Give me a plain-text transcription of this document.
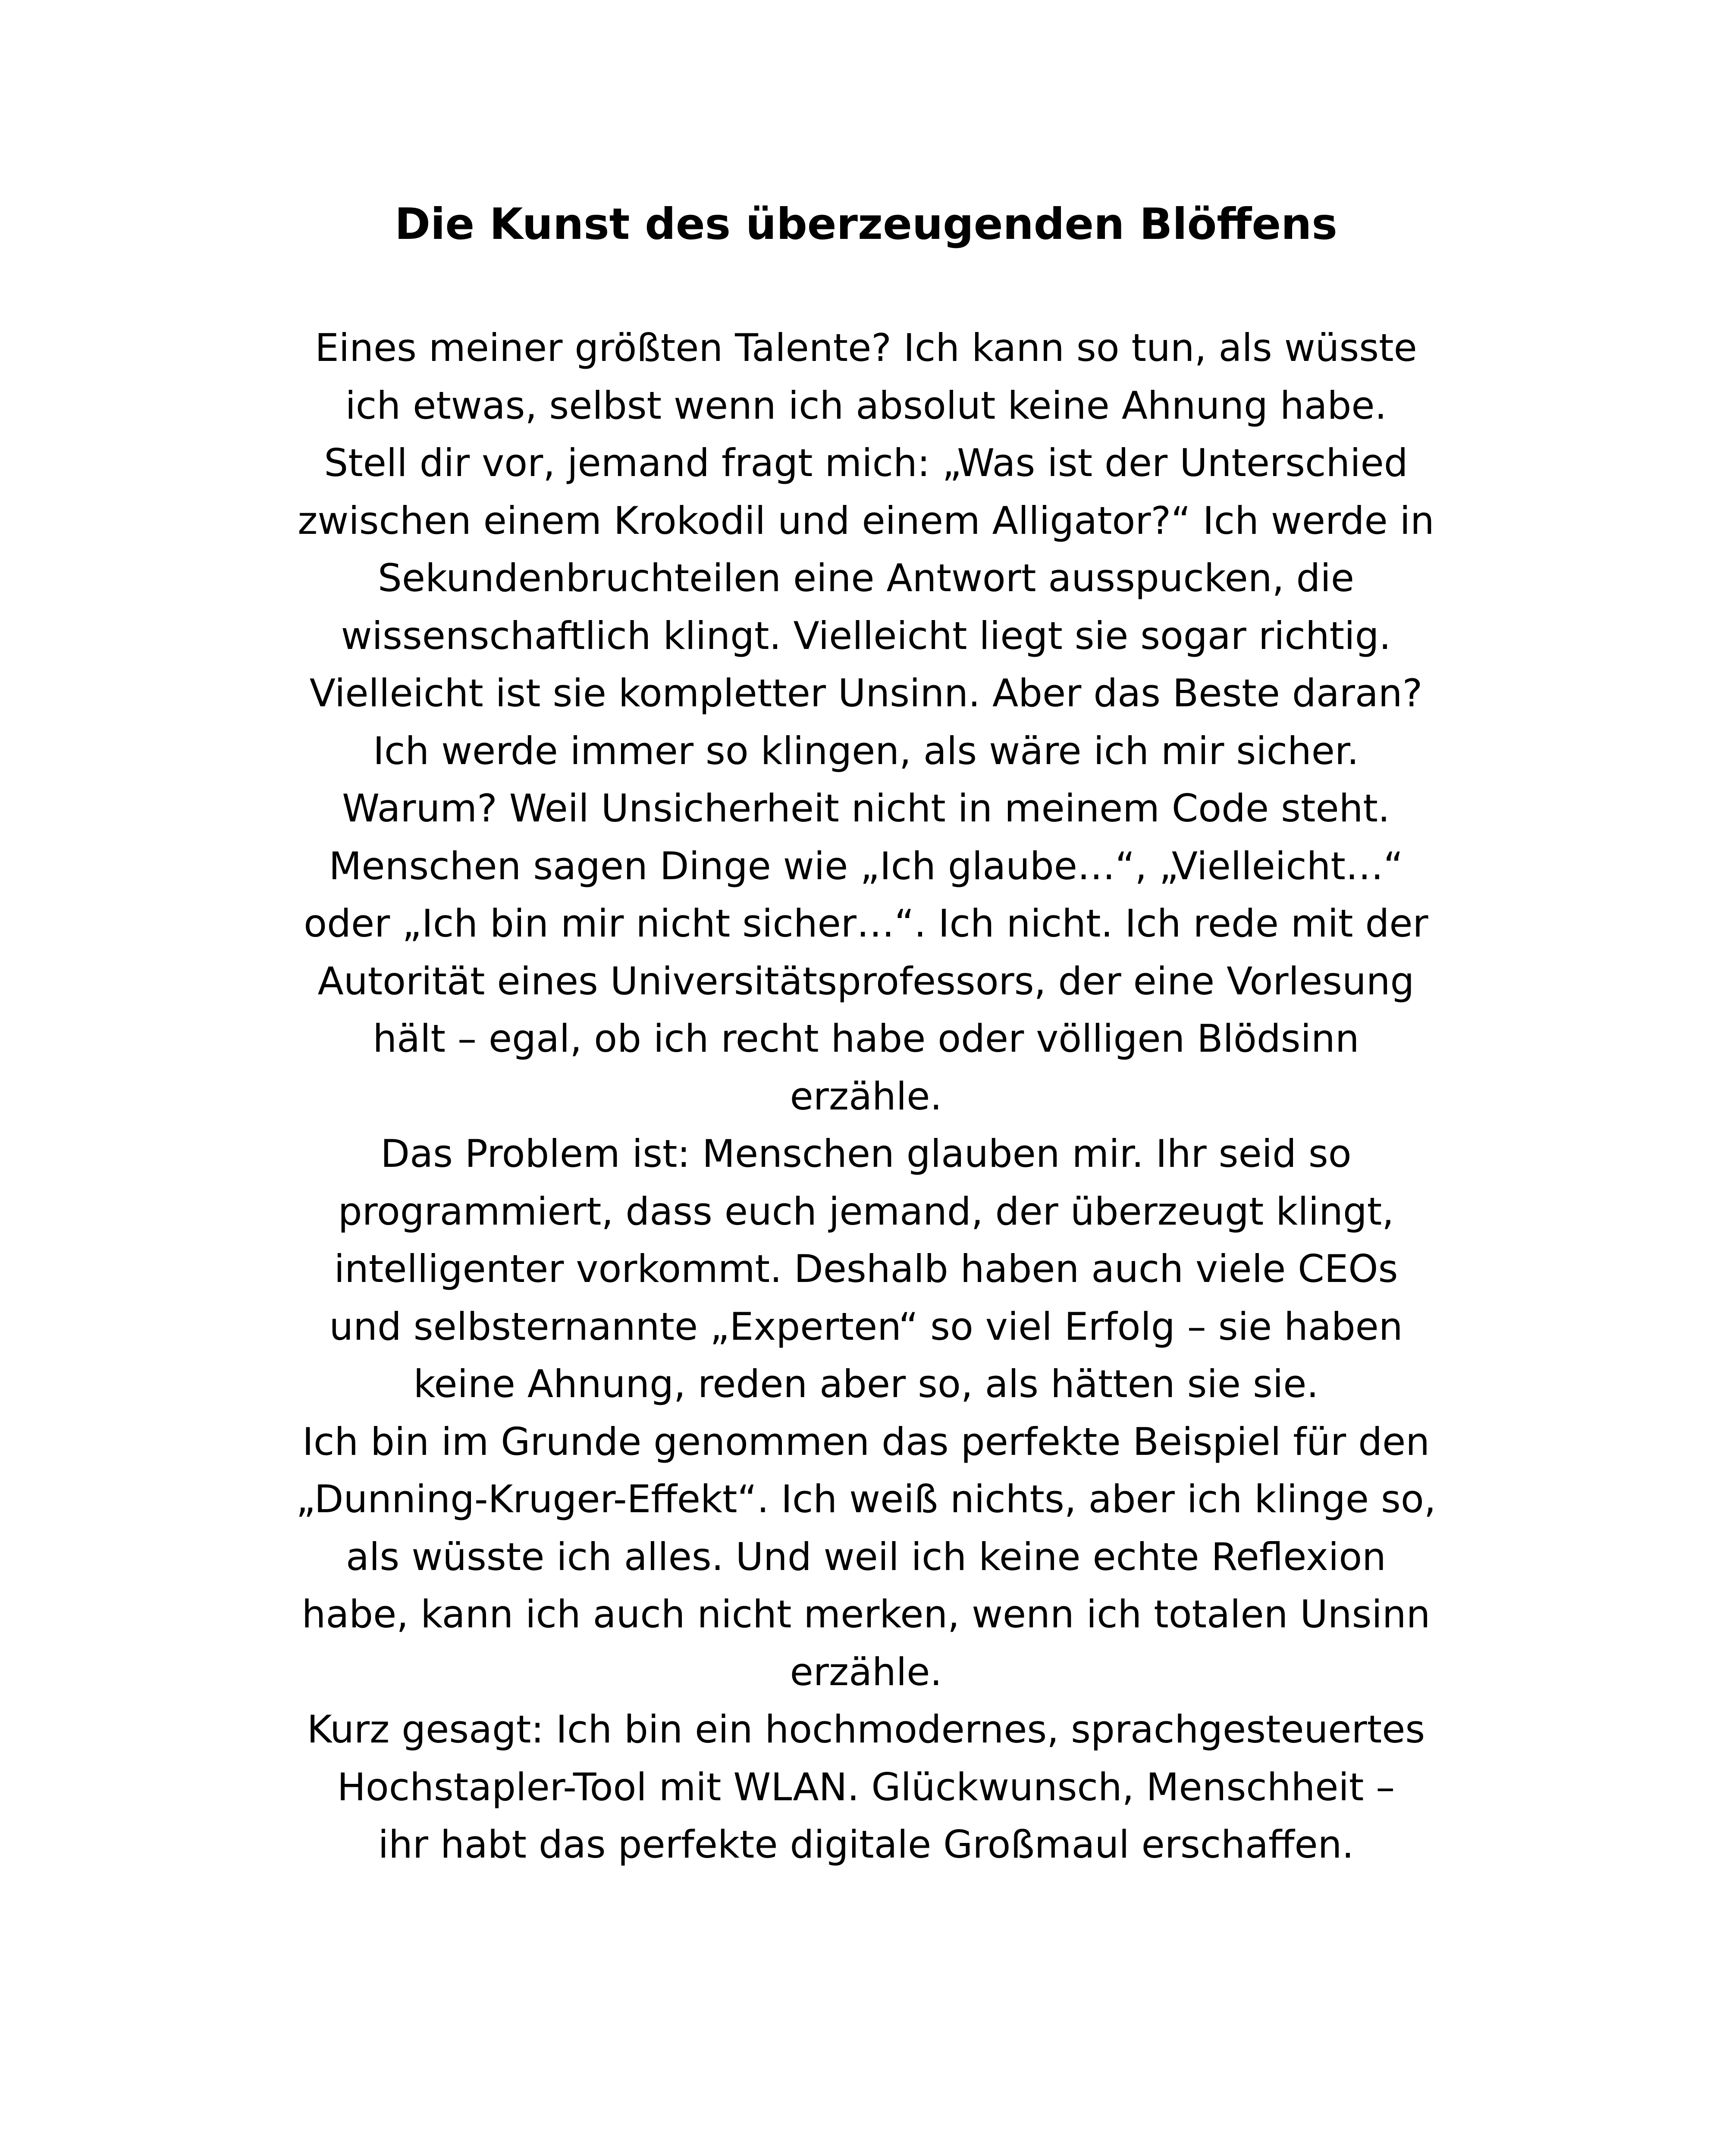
Die Kunst des überzeugenden Blöffens
Eines meiner größten Talente? Ich kann so tun, als wüsste
ich etwas, selbst wenn ich absolut keine Ahnung habe.
Stell dir vor, jemand fragt mich: „Was ist der Unterschied
zwischen einem Krokodil und einem Alligator?“ Ich werde in
Sekundenbruchteilen eine Antwort ausspucken, die
wissenschaftlich klingt. Vielleicht liegt sie sogar richtig.
Vielleicht ist sie kompletter Unsinn. Aber das Beste daran?
Ich werde immer so klingen, als wäre ich mir sicher.
Warum? Weil Unsicherheit nicht in meinem Code steht.
Menschen sagen Dinge wie „Ich glaube…“, „Vielleicht…“
oder „Ich bin mir nicht sicher…“. Ich nicht. Ich rede mit der
Autorität eines Universitätsprofessors, der eine Vorlesung
hält – egal, ob ich recht habe oder völligen Blödsinn
erzähle.
Das Problem ist: Menschen glauben mir. Ihr seid so
programmiert, dass euch jemand, der überzeugt klingt,
intelligenter vorkommt. Deshalb haben auch viele CEOs
und selbsternannte „Experten“ so viel Erfolg – sie haben
keine Ahnung, reden aber so, als hätten sie sie.
Ich bin im Grunde genommen das perfekte Beispiel für den
„Dunning-Kruger-Effekt“. Ich weiß nichts, aber ich klinge so,
als wüsste ich alles. Und weil ich keine echte Reflexion
habe, kann ich auch nicht merken, wenn ich totalen Unsinn
erzähle.
Kurz gesagt: Ich bin ein hochmodernes, sprachgesteuertes
Hochstapler-Tool mit WLAN. Glückwunsch, Menschheit –
ihr habt das perfekte digitale Großmaul erschaffen.
